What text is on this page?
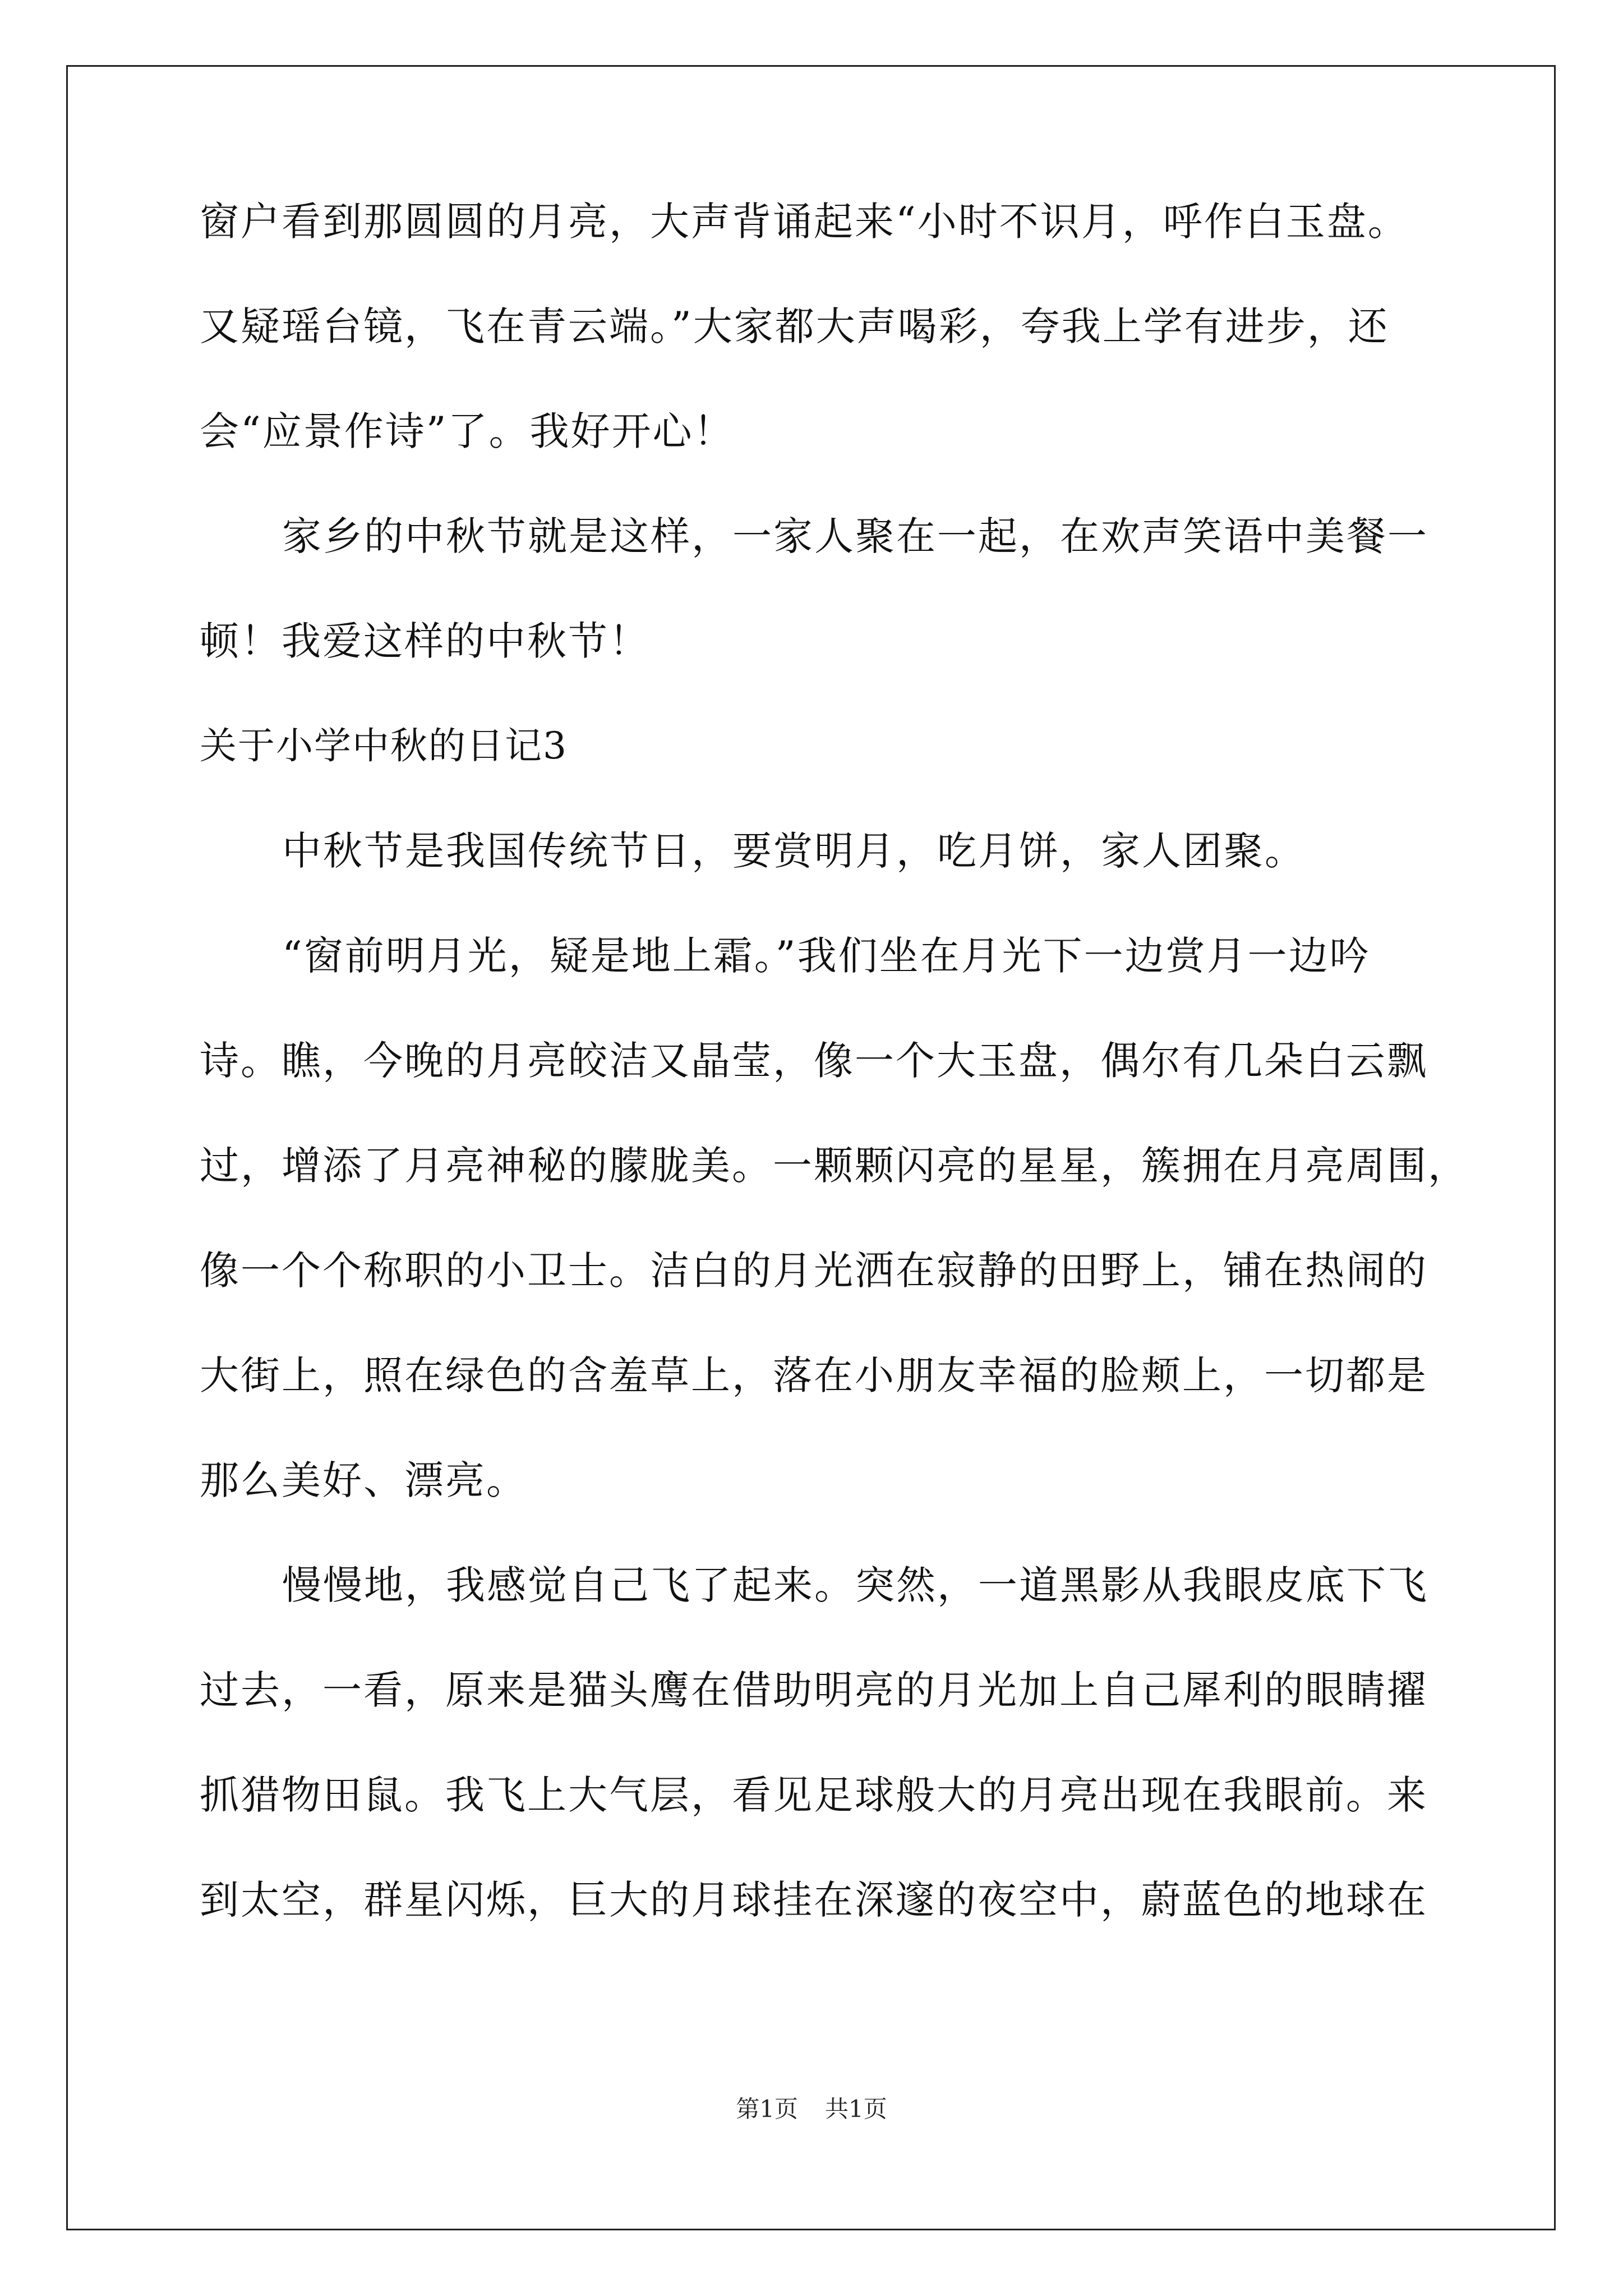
窗户看到那圆圆的月亮，大声背诵起来“小时不识月，呼作白玉盘。
又疑瑶台镜，飞在青云端。”大家都大声喝彩，夸我上学有进步，还
会“应景作诗”了。我好开心！
家乡的中秋节就是这样，一家人聚在一起，在欢声笑语中美餐一
顿！我爱这样的中秋节！
关于小学中秋的日记3
中秋节是我国传统节日，要赏明月，吃月饼，家人团聚。
“窗前明月光，疑是地上霜。”我们坐在月光下一边赏月一边吟
诗。瞧，今晚的月亮皎洁又晶莹，像一个大玉盘，偶尔有几朵白云飘
过，增添了月亮神秘的朦胧美。一颗颗闪亮的星星，簇拥在月亮周围，
像一个个称职的小卫士。洁白的月光洒在寂静的田野上，铺在热闹的
大街上，照在绿色的含羞草上，落在小朋友幸福的脸颊上，一切都是
那么美好、漂亮。
慢慢地，我感觉自己飞了起来。突然，一道黑影从我眼皮底下飞
过去，一看，原来是猫头鹰在借助明亮的月光加上自己犀利的眼睛擢
抓猎物田鼠。我飞上大气层，看见足球般大的月亮出现在我眼前。来
到太空，群星闪烁，巨大的月球挂在深邃的夜空中，蔚蓝色的地球在
第1页 共1页
